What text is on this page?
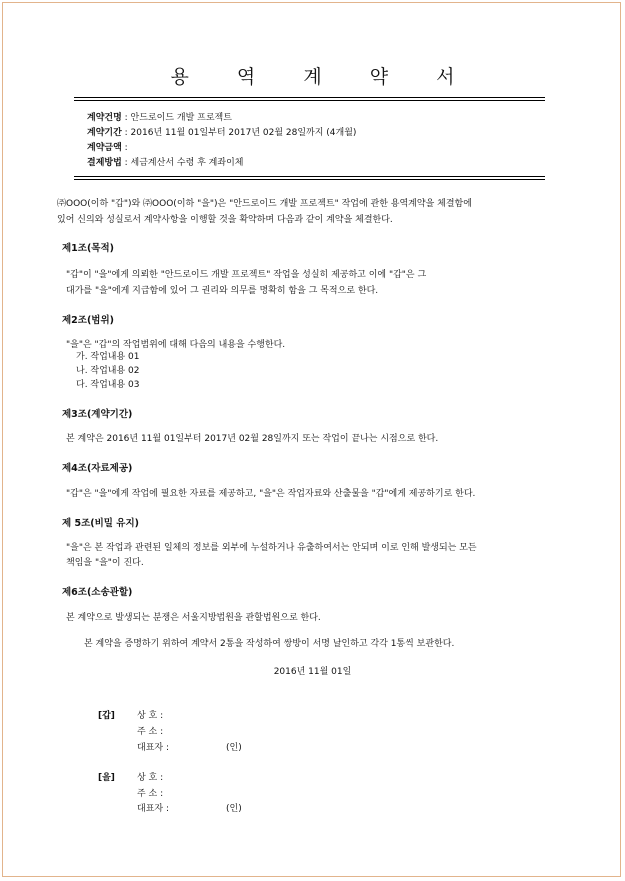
용 역 계 약 서
계약건명 : 안드로이드 개발 프로젝트
계약기간 : 2016년 11월 01일부터 2017년 02월 28일까지 (4개월)
계약금액 :
결제방법 : 세금계산서 수령 후 계좌이체
㈜OOO(이하 "갑")와 ㈜OOO(이하 "을")은 "안드로이드 개발 프로젝트" 작업에 관한 용역계약을 체결함에
있어 신의와 성실로서 계약사항을 이행할 것을 확약하며 다음과 같이 계약을 체결한다.
제1조(목적)
"갑"이 "을"에게 의뢰한 "안드로이드 개발 프로젝트" 작업을 성실히 제공하고 이에 "갑"은 그
대가를 "을"에게 지급함에 있어 그 권리와 의무를 명확히 함을 그 목적으로 한다.
제2조(범위)
"을"은 "갑"의 작업범위에 대해 다음의 내용을 수행한다.
가. 작업내용 01
나. 작업내용 02
다. 작업내용 03
제3조(계약기간)
본 계약은 2016년 11월 01일부터 2017년 02월 28일까지 또는 작업이 끝나는 시점으로 한다.
제4조(자료제공)
"갑"은 "을"에게 작업에 필요한 자료를 제공하고, "을"은 작업자료와 산출물을 "갑"에게 제공하기로 한다.
제 5조(비밀 유지)
"을"은 본 작업과 관련된 일체의 정보를 외부에 누설하거나 유출하여서는 안되며 이로 인해 발생되는 모든
책임을 "을"이 진다.
제6조(소송관할)
본 계약으로 발생되는 분쟁은 서울지방법원을 관할법원으로 한다.
본 계약을 증명하기 위하여 계약서 2통을 작성하여 쌍방이 서명 날인하고 각각 1통씩 보관한다.
2016년 11월 01일
[갑] 상 호 :
주 소 :
대표자 :	(인)
[을] 상 호 :
주 소 :
대표자 :	(인)
